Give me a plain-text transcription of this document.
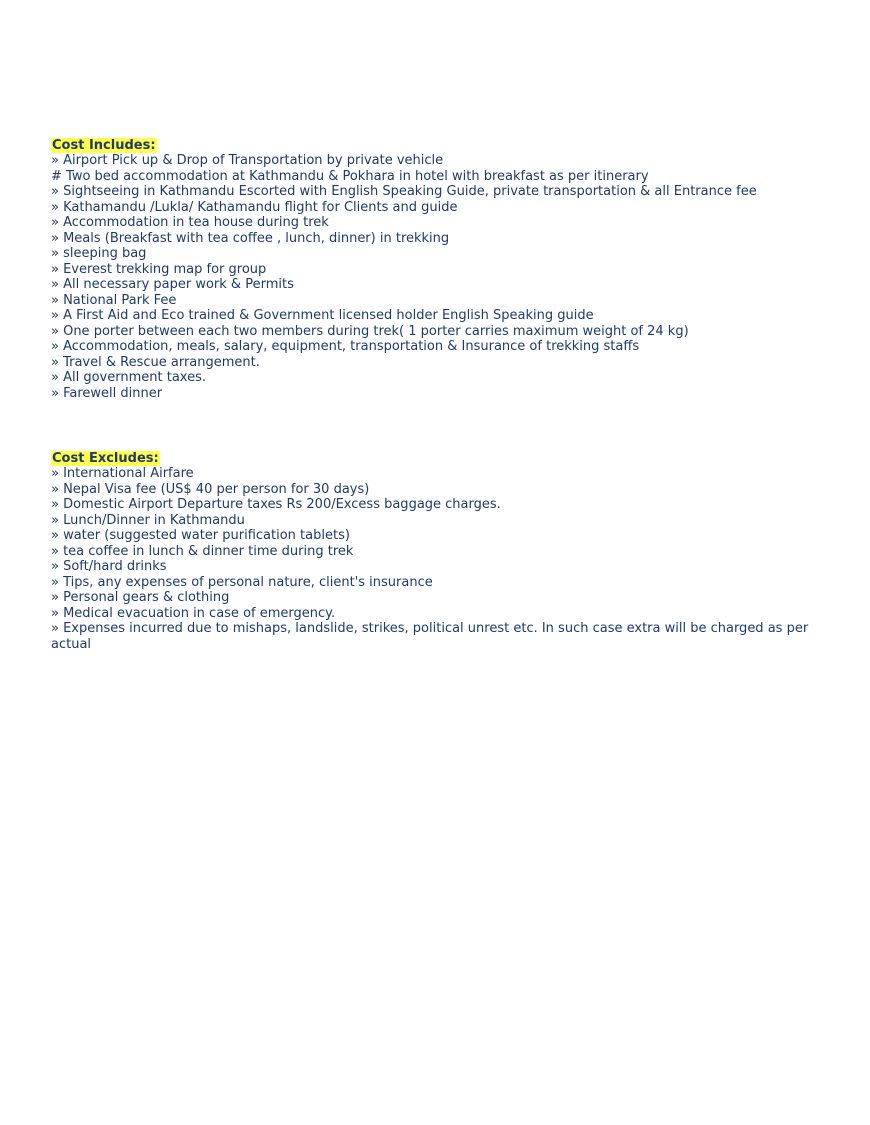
Cost Includes:
» Airport Pick up & Drop of Transportation by private vehicle
# Two bed accommodation at Kathmandu & Pokhara in hotel with breakfast as per itinerary
» Sightseeing in Kathmandu Escorted with English Speaking Guide, private transportation & all Entrance fee
» Kathamandu /Lukla/ Kathamandu flight for Clients and guide
» Accommodation in tea house during trek
» Meals (Breakfast with tea coffee , lunch, dinner) in trekking
» sleeping bag
» Everest trekking map for group
» All necessary paper work & Permits
» National Park Fee
» A First Aid and Eco trained & Government licensed holder English Speaking guide
» One porter between each two members during trek( 1 porter carries maximum weight of 24 kg)
» Accommodation, meals, salary, equipment, transportation & Insurance of trekking staffs
» Travel & Rescue arrangement.
» All government taxes.
» Farewell dinner
Cost Excludes:
» International Airfare
» Nepal Visa fee (US$ 40 per person for 30 days)
» Domestic Airport Departure taxes Rs 200/Excess baggage charges.
» Lunch/Dinner in Kathmandu
» water (suggested water purification tablets)
» tea coffee in lunch & dinner time during trek
» Soft/hard drinks
» Tips, any expenses of personal nature, client's insurance
» Personal gears & clothing
» Medical evacuation in case of emergency.
» Expenses incurred due to mishaps, landslide, strikes, political unrest etc. In such case extra will be charged as per actual
